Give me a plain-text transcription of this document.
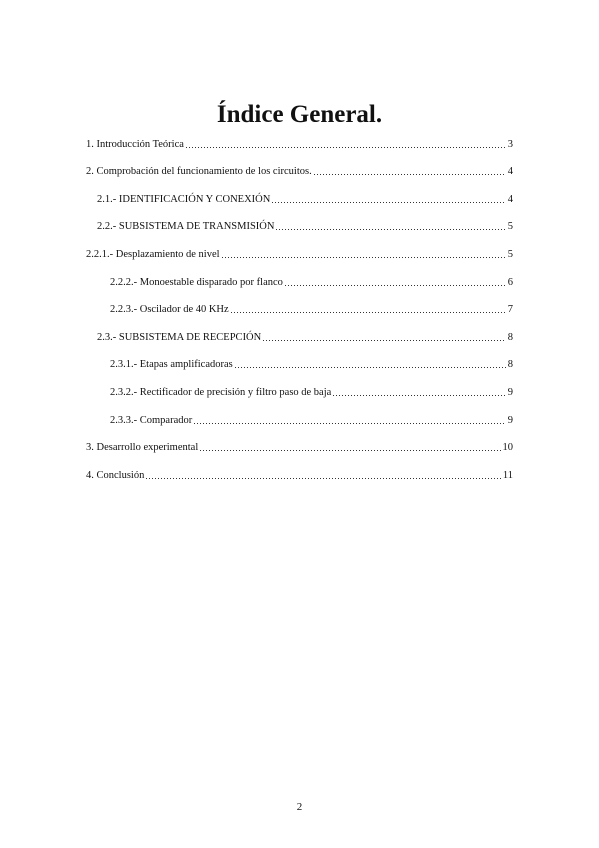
Índice General.
1. Introducción Teórica	3
2. Comprobación del funcionamiento de los circuitos.	4
2.1.- IDENTIFICACIÓN Y CONEXIÓN	4
2.2.- SUBSISTEMA DE TRANSMISIÓN	5
2.2.1.- Desplazamiento de nivel	5
2.2.2.- Monoestable disparado por flanco	6
2.2.3.- Oscilador de 40 KHz	7
2.3.- SUBSISTEMA DE RECEPCIÓN	8
2.3.1.- Etapas amplificadoras	8
2.3.2.- Rectificador de precisión y filtro paso de baja	9
2.3.3.- Comparador	9
3. Desarrollo experimental	10
4. Conclusión	11
2
